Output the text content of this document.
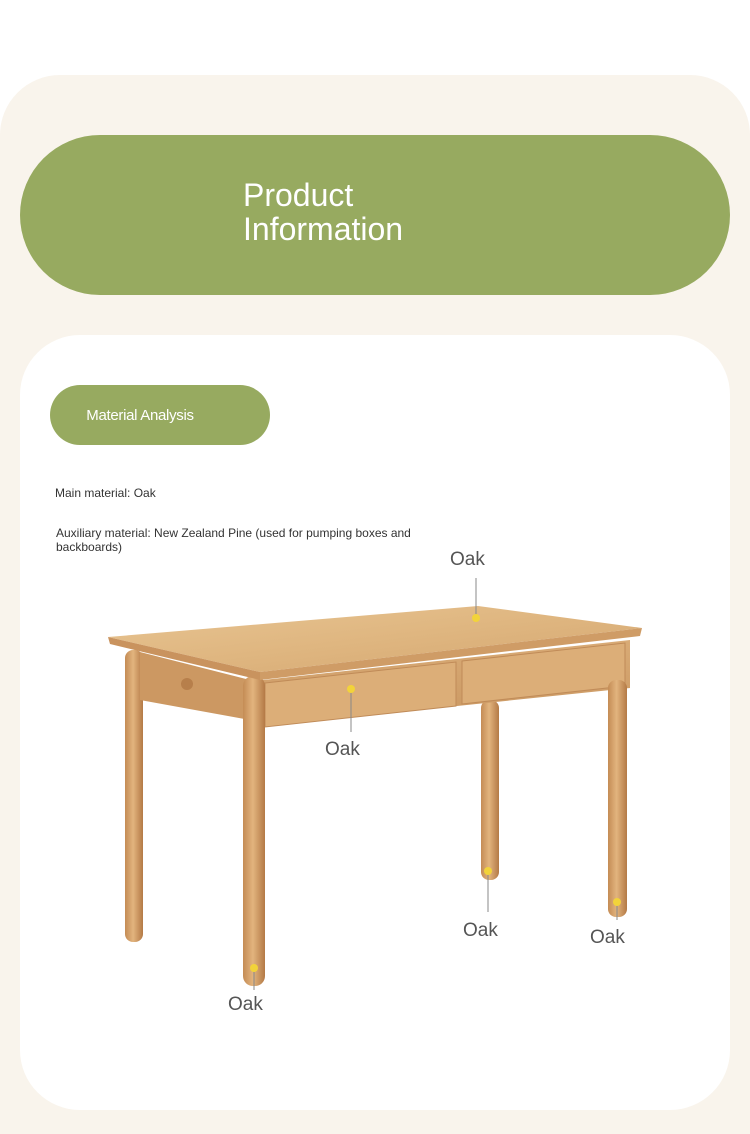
Product
Information
Material Analysis
Main material: Oak
Auxiliary material: New Zealand Pine (used for pumping boxes and backboards)
Oak
Oak
Oak	Oak
Oak
